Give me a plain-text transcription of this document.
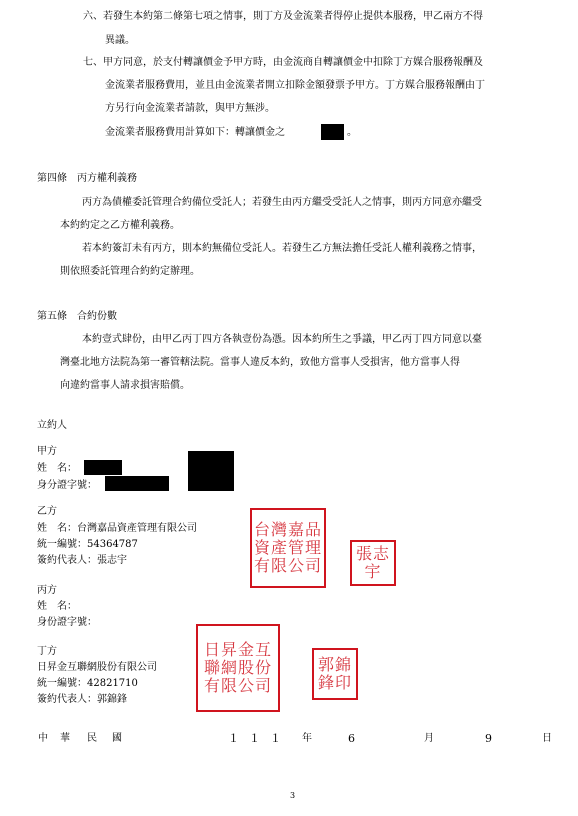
六、若發生本約第二條第七項之情事，則丁方及金流業者得停止提供本服務，甲乙兩方不得
異議。
七、甲方同意，於支付轉讓價金予甲方時，由金流商自轉讓價金中扣除丁方媒合服務報酬及
金流業者服務費用，並且由金流業者開立扣除金額發票予甲方。丁方媒合服務報酬由丁
方另行向金流業者請款，與甲方無涉。
金流業者服務費用計算如下：轉讓價金之	。
第四條　丙方權利義務
丙方為債權委託管理合約備位受託人；若發生由丙方繼受受託人之情事，則丙方同意亦繼受
本約約定之乙方權利義務。
若本約簽訂未有丙方，則本約無備位受託人。若發生乙方無法擔任受託人權利義務之情事，
則依照委託管理合約約定辦理。
第五條　合約份數
本約壹式肆份，由甲乙丙丁四方各執壹份為憑。因本約所生之爭議，甲乙丙丁四方同意以臺
灣臺北地方法院為第一審管轄法院。當事人違反本約，致他方當事人受損害，他方當事人得
向違約當事人請求損害賠償。
立約人
甲方
姓　名：
身分證字號：
乙方
姓　名：台灣嘉品資產管理有限公司
統一編號：54364787
簽約代表人：張志宇
台灣嘉品資產管理有限公司
張志宇
丙方
姓　名：
身份證字號：
丁方
日昇金互聯網股份有限公司
統一編號：42821710
簽約代表人：郭錦鋒
日昇金互聯網股份有限公司
郭錦鋒印
中 華 民 國	１１１ 年	6	月	9	日
3
